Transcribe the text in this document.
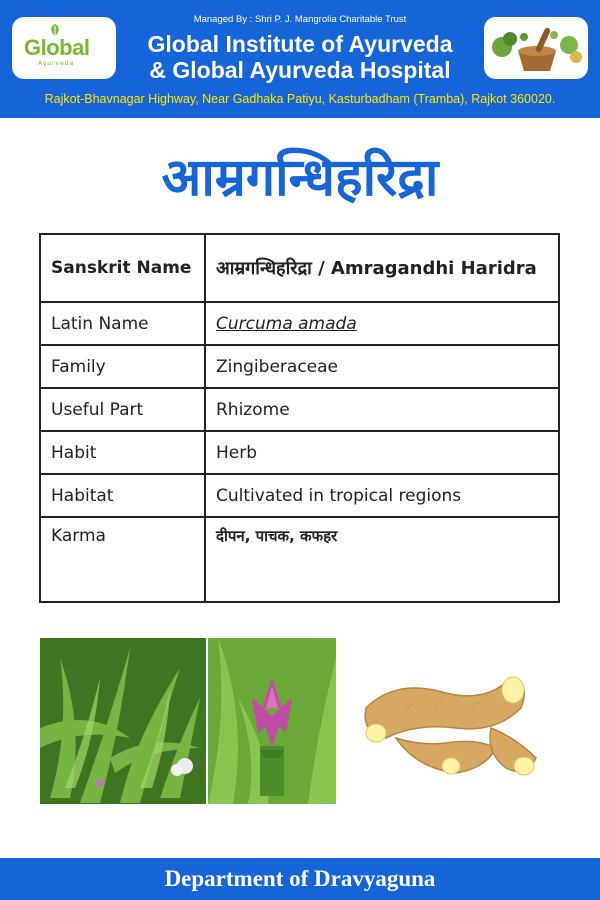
Global
Ayurveda
Managed By : Shri P. J. Mangrolia Charitable Trust
Global Institute of Ayurveda
& Global Ayurveda Hospital
Rajkot-Bhavnagar Highway, Near Gadhaka Patiyu, Kasturbadham (Tramba), Rajkot 360020.
आम्रगन्धिहरिद्रा
Sanskrit Name	आम्रगन्धिहरिद्रा / Amragandhi Haridra
Latin Name	Curcuma amada
Family	Zingiberaceae
Useful Part	Rhizome
Habit	Herb
Habitat	Cultivated in tropical regions
Karma	दीपन, पाचक, कफहर
Department of Dravyaguna
